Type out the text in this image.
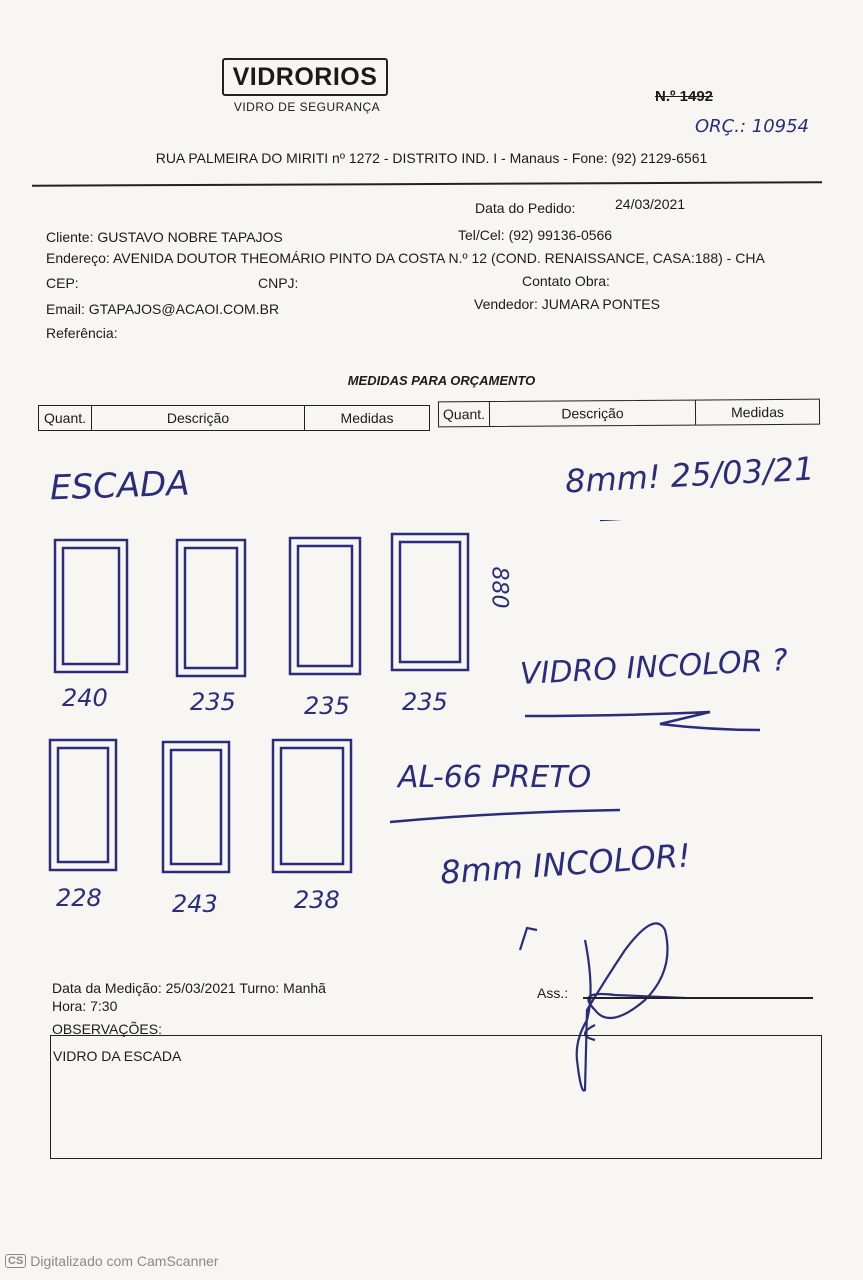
VIDRORIOS
VIDRO DE SEGURANÇA
N.º 1492
ORÇ.: 10954
RUA PALMEIRA DO MIRITI nº 1272 - DISTRITO IND. I - Manaus - Fone: (92) 2129-6561
Data do Pedido:	24/03/2021
Cliente: GUSTAVO NOBRE TAPAJOS	Tel/Cel: (92) 99136-0566
Endereço: AVENIDA DOUTOR THEOMÁRIO PINTO DA COSTA N.º 12 (COND. RENAISSANCE, CASA:188) - CHA
CEP:	CNPJ:	Contato Obra:
Email: GTAPAJOS@ACAOI.COM.BR	Vendedor: JUMARA PONTES
Referência:
MEDIDAS PARA ORÇAMENTO
Quant.	Descrição	Medidas	Quant.	Descrição	Medidas
ESCADA	8mm! 25/03/21
880
VIDRO INCOLOR ?
AL-66 PRETO
8mm INCOLOR!
240	235	235 235
228	243	238
Data da Medição: 25/03/2021 Turno: Manhã
Hora: 7:30
Ass.:
OBSERVAÇÕES:
VIDRO DA ESCADA
CS Digitalizado com CamScanner
